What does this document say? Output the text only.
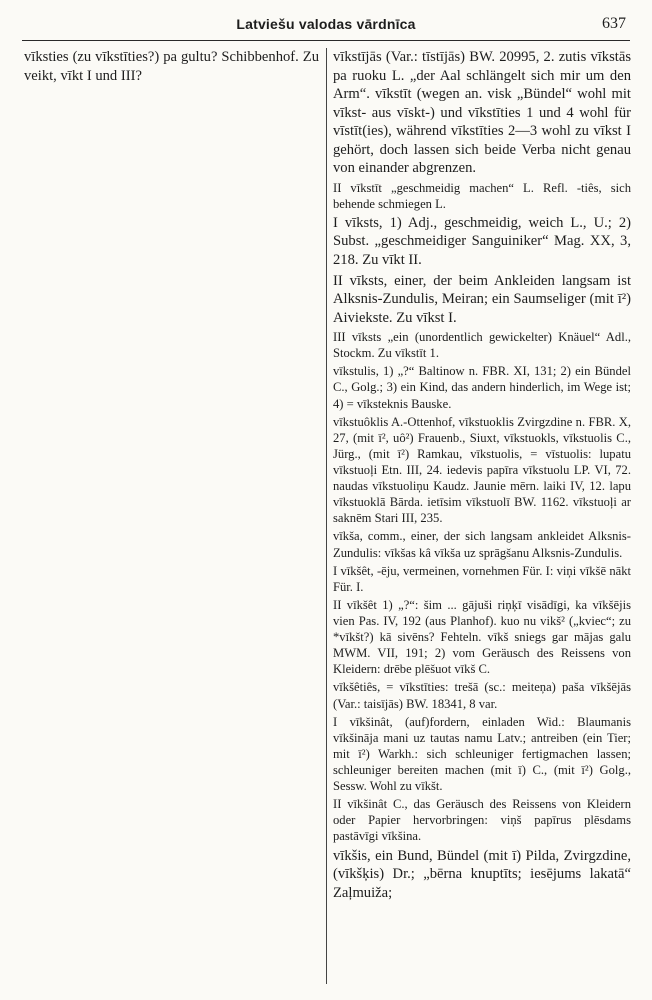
Latviešu valodas vārdnīca	637

vīksties (zu vīkstīties?) pa gultu? Schibbenhof. Zu veikt, vīkt I und III?

vīkstījās (Var.: tīstījās) BW. 20995, 2. zutis vīkstās pa ruoku L. „der Aal schlängelt sich mir um den Arm“. vīkstīt (wegen an. visk „Bündel“ wohl mit vīkst- aus vīskt-) und vīkstīties 1 und 4 wohl für vīstīt(ies), während vīkstīties 2—3 wohl zu vīkst I gehört, doch lassen sich beide Verba nicht genau von einander abgrenzen.

II vīkstīt „geschmeidig machen“ L. Refl. -tiês, sich behende schmiegen L.

I vīksts, 1) Adj., geschmeidig, weich L., U.; 2) Subst. „geschmeidiger Sanguiniker“ Mag. XX, 3, 218. Zu vīkt II.

II vīksts, einer, der beim Ankleiden langsam ist Alksnis-Zundulis, Meiran; ein Saumseliger (mit ī²) Aiviekste. Zu vīkst I.

III vīksts „ein (unordentlich gewickelter) Knäuel“ Adl., Stockm. Zu vīkstīt 1.

vīkstulis, 1) „?“ Baltinow n. FBR. XI, 131; 2) ein Bündel C., Golg.; 3) ein Kind, das andern hinderlich, im Wege ist; 4) = vīksteknis Bauske.

vīkstuôklis A.-Ottenhof, vīkstuoklis Zvirgzdine n. FBR. X, 27, (mit ī², uô²) Frauenb., Siuxt, vīkstuokls, vīkstuolis C., Jürg., (mit ī²) Ramkau, vīkstuolis, = vīstuolis: lupatu vīkstuoļi Etn. III, 24. iedevis papīra vīkstuolu LP. VI, 72. naudas vīkstuoliņu Kaudz. Jaunie mērn. laiki IV, 12. lapu vīkstuoklā Bārda. ietīsim vīkstuolī BW. 1162. vīkstuoļi ar saknēm Stari III, 235.

vīkša, comm., einer, der sich langsam ankleidet Alksnis-Zundulis: vīkšas kâ vīkša uz sprāgšanu Alksnis-Zundulis.

I vīkšêt, -ēju, vermeinen, vornehmen Für. I: viņi vīkšē nākt Für. I.

II vīkšêt 1) „?“: šim ... gājuši riņķī visādīgi, ka vīkšējis vien Pas. IV, 192 (aus Planhof). kuo nu vikš² („kviec“; zu *vīkšt?) kā sivēns? Fehteln. vīkš sniegs gar mājas galu MWM. VII, 191; 2) vom Geräusch des Reissens von Kleidern: drēbe plēšuot vīkš C.

vīkšêtiês, = vīkstīties: trešā (sc.: meiteņa) paša vīkšējās (Var.: taisījās) BW. 18341, 8 var.

I vīkšinât, (auf)fordern, einladen Wid.: Blaumanis vīkšināja mani uz tautas namu Latv.; antreiben (ein Tier; mit ī²) Warkh.: sich schleuniger fertigmachen lassen; schleuniger bereiten machen (mit ī) C., (mit ī²) Golg., Sessw. Wohl zu vīkšt.

II vīkšinât C., das Geräusch des Reissens von Kleidern oder Papier hervorbringen: viņš papīrus plēsdams pastāvīgi vīkšina.

vīkšis, ein Bund, Bündel (mit ī) Pilda, Zvirgzdine, (vīkšķis) Dr.; „bērna knuptīts; iesējums lakatā“ Zaļmuiža;
